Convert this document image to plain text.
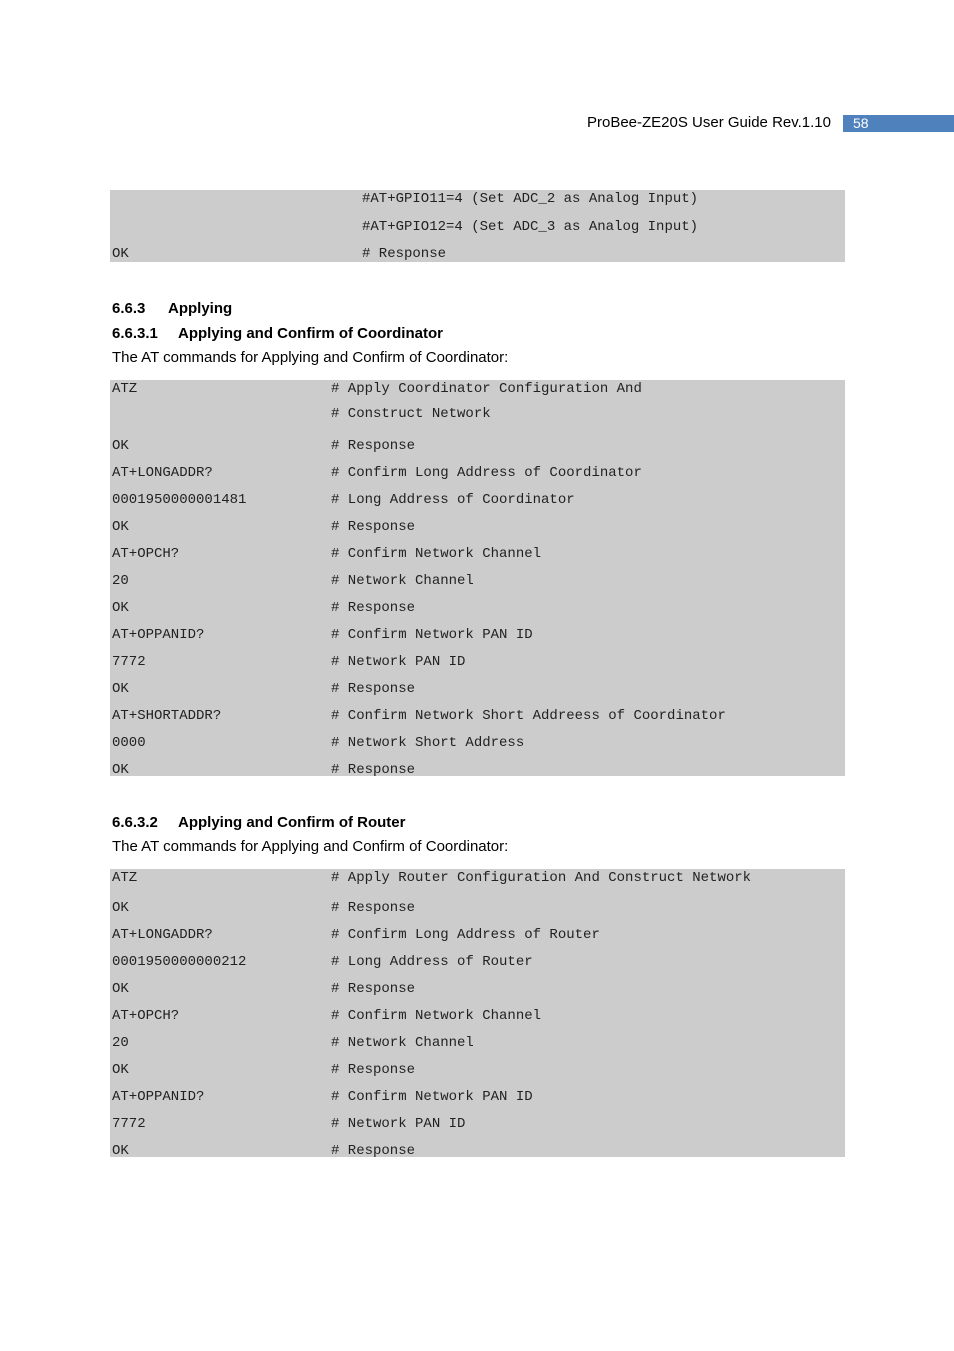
ProBee-ZE20S User Guide Rev.1.10	58
#AT+GPIO11=4 (Set ADC_2 as Analog Input)
#AT+GPIO12=4 (Set ADC_3 as Analog Input)
OK	# Response
6.6.3 Applying
6.6.3.1 Applying and Confirm of Coordinator
The AT commands for Applying and Confirm of Coordinator:
ATZ	# Apply Coordinator Configuration And
# Construct Network
OK	# Response
AT+LONGADDR?	# Confirm Long Address of Coordinator
0001950000001481	# Long Address of Coordinator
OK	# Response
AT+OPCH?	# Confirm Network Channel
20	# Network Channel
OK	# Response
AT+OPPANID?	# Confirm Network PAN ID
7772	# Network PAN ID
OK	# Response
AT+SHORTADDR?	# Confirm Network Short Addreess of Coordinator
0000	# Network Short Address
OK	# Response
6.6.3.2 Applying and Confirm of Router
The AT commands for Applying and Confirm of Coordinator:
ATZ	# Apply Router Configuration And Construct Network
OK	# Response
AT+LONGADDR?	# Confirm Long Address of Router
0001950000000212	# Long Address of Router
OK	# Response
AT+OPCH?	# Confirm Network Channel
20	# Network Channel
OK	# Response
AT+OPPANID?	# Confirm Network PAN ID
7772	# Network PAN ID
OK	# Response
